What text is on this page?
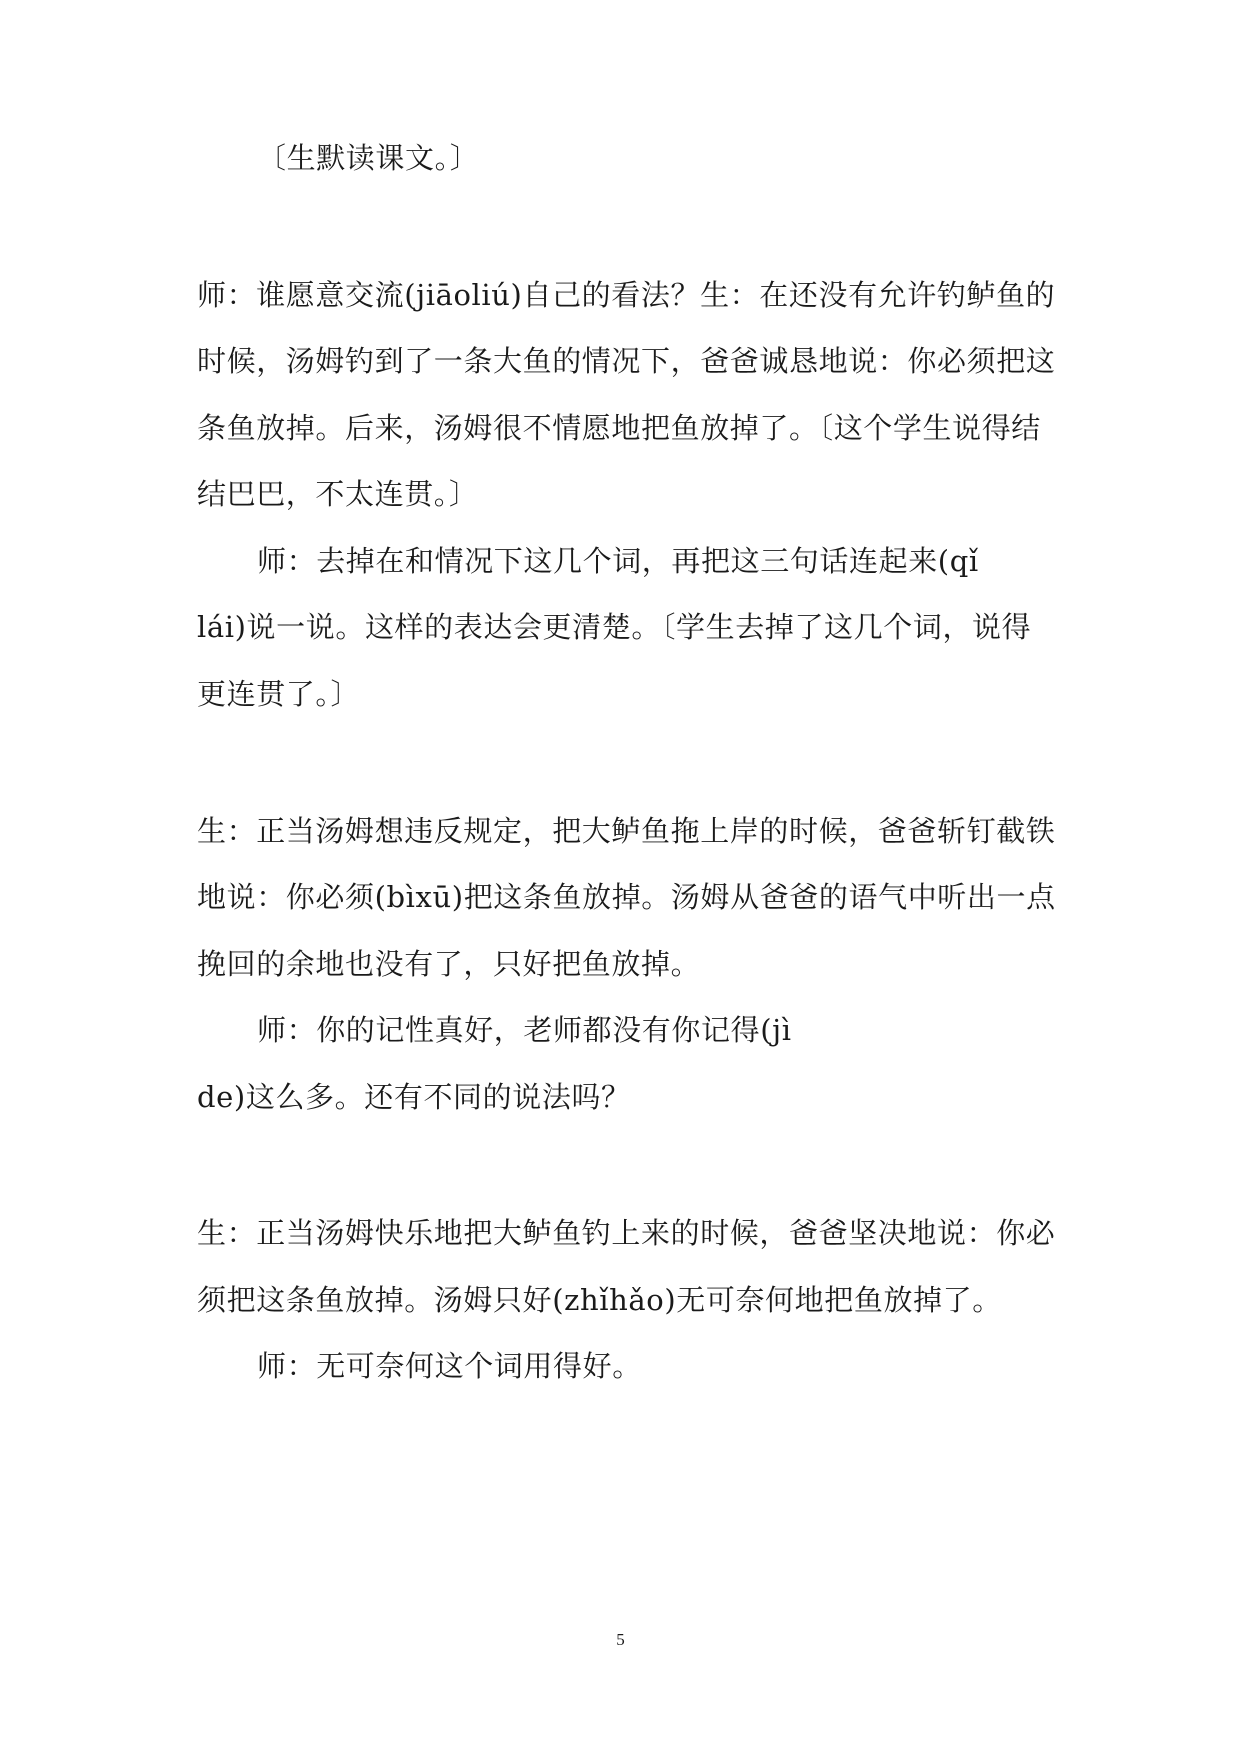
〔生默读课文。〕
师：谁愿意交流(jiāoliú)自己的看法？生：在还没有允许钓鲈鱼的
时候，汤姆钓到了一条大鱼的情况下，爸爸诚恳地说：你必须把这
条鱼放掉。后来，汤姆很不情愿地把鱼放掉了。〔这个学生说得结
结巴巴，不太连贯。〕
师：去掉在和情况下这几个词，再把这三句话连起来(qǐ
lái)说一说。这样的表达会更清楚。〔学生去掉了这几个词，说得
更连贯了。〕
生：正当汤姆想违反规定，把大鲈鱼拖上岸的时候，爸爸斩钉截铁
地说：你必须(bìxū)把这条鱼放掉。汤姆从爸爸的语气中听出一点
挽回的余地也没有了，只好把鱼放掉。
师：你的记性真好，老师都没有你记得(jì
de)这么多。还有不同的说法吗？
生：正当汤姆快乐地把大鲈鱼钓上来的时候，爸爸坚决地说：你必
须把这条鱼放掉。汤姆只好(zhǐhǎo)无可奈何地把鱼放掉了。
师：无可奈何这个词用得好。
5
